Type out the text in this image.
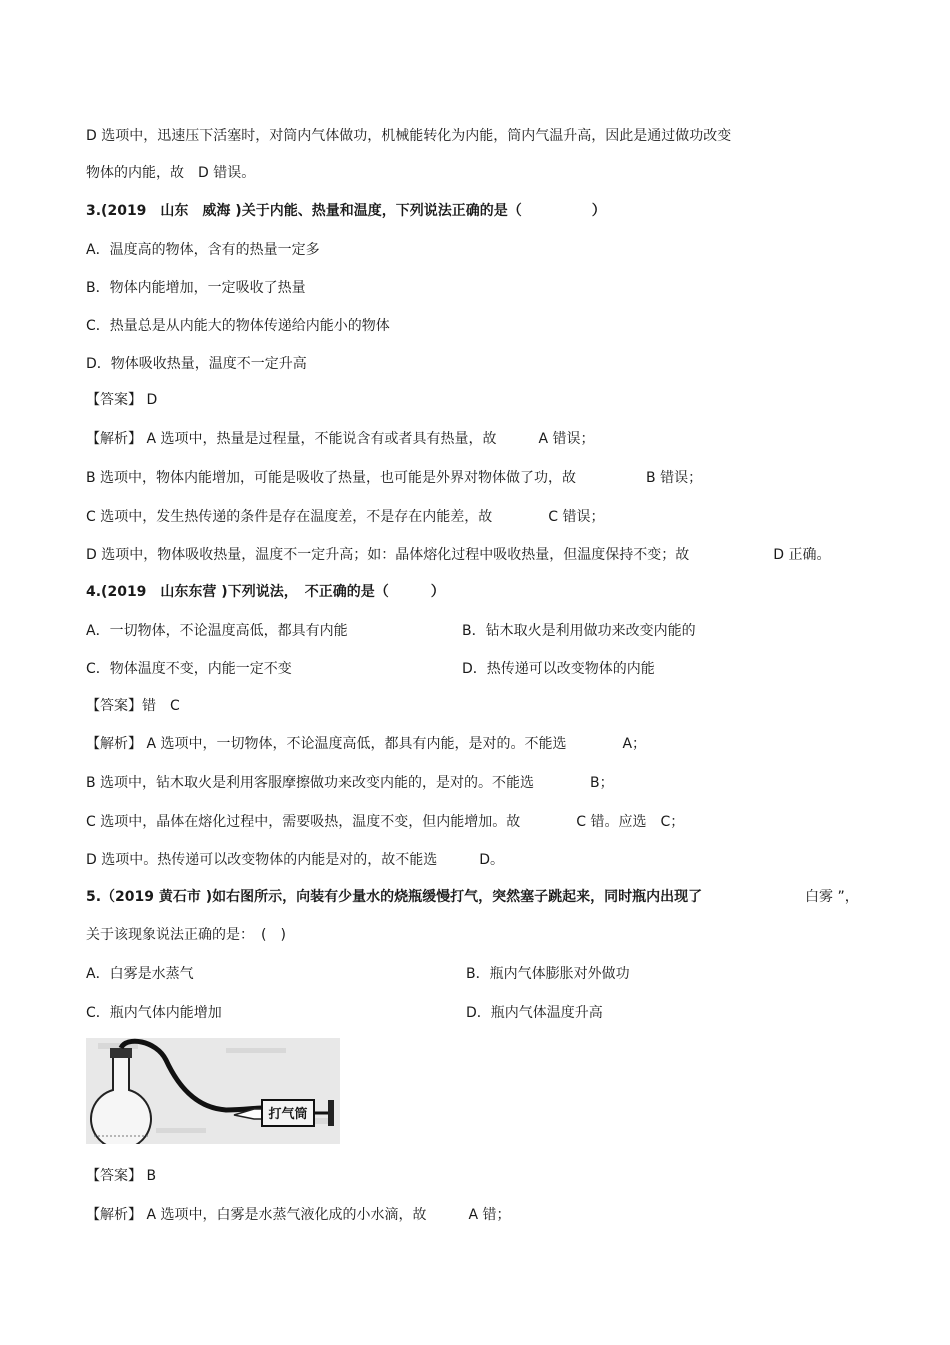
D 选项中，迅速压下活塞时，对筒内气体做功，机械能转化为内能，筒内气温升高，因此是通过做功改变
物体的内能，故　D 错误。
3.(2019　山东　威海 )关于内能、热量和温度，下列说法正确的是（　　　　　）
A．温度高的物体，含有的热量一定多
B．物体内能增加，一定吸收了热量
C．热量总是从内能大的物体传递给内能小的物体
D．物体吸收热量，温度不一定升高
【答案】 D
【解析】 A 选项中，热量是过程量，不能说含有或者具有热量，故　　　A 错误；
B 选项中，物体内能增加，可能是吸收了热量，也可能是外界对物体做了功，故　　　　　B 错误；
C 选项中，发生热传递的条件是存在温度差，不是存在内能差，故　　　　C 错误；
D 选项中，物体吸收热量，温度不一定升高；如：晶体熔化过程中吸收热量，但温度保持不变；故　　　　　　D 正确。
4.(2019　山东东营 )下列说法，　不正确的是（　　　）
A．一切物体，不论温度高低，都具有内能	B．钻木取火是利用做功来改变内能的
C．物体温度不变，内能一定不变	D．热传递可以改变物体的内能
【答案】错　C
【解析】 A 选项中，一切物体，不论温度高低，都具有内能，是对的。不能选　　　　A；
B 选项中，钻木取火是利用客服摩擦做功来改变内能的，是对的。不能选　　　　B；
C 选项中，晶体在熔化过程中，需要吸热，温度不变，但内能增加。故　　　　C 错。应选　C；
D 选项中。热传递可以改变物体的内能是对的，故不能选　　　D。
5.（2019 黄石市 )如右图所示，向装有少量水的烧瓶缓慢打气，突然塞子跳起来，同时瓶内出现了	白雾 ”，
关于该现象说法正确的是：　(　)
A．白雾是水蒸气	B．瓶内气体膨胀对外做功
C．瓶内气体内能增加	D．瓶内气体温度升高
打气筒
【答案】 B
【解析】 A 选项中，白雾是水蒸气液化成的小水滴，故　　　A 错；
